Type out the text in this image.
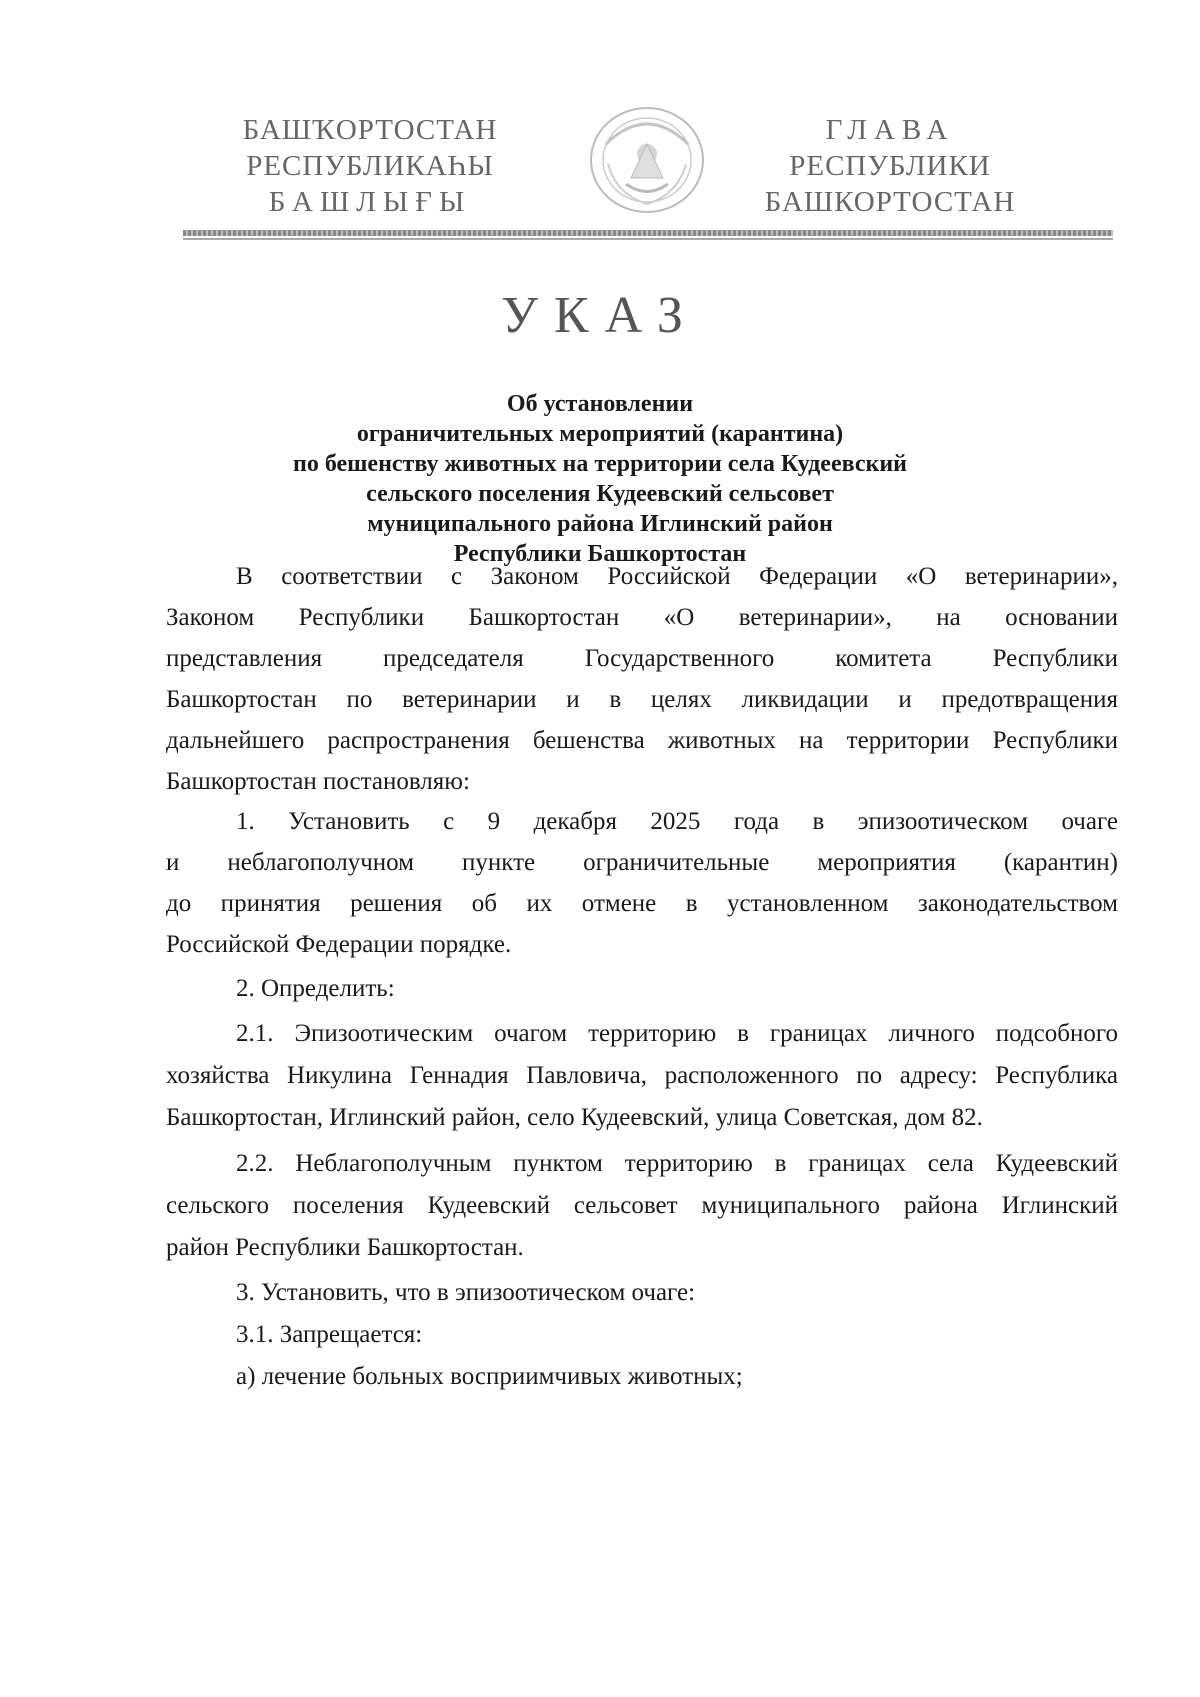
БАШҠОРТОСТАН
РЕСПУБЛИКАҺЫ
БАШЛЫҒЫ
ГЛАВА
РЕСПУБЛИКИ
БАШКОРТОСТАН
УКАЗ
Об установлении
ограничительных мероприятий (карантина)
по бешенству животных на территории села Кудеевский
сельского поселения Кудеевский сельсовет
муниципального района Иглинский район
Республики Башкортостан
В соответствии с Законом Российской Федерации «О ветеринарии»,
Законом Республики Башкортостан «О ветеринарии», на основании
представления председателя Государственного комитета Республики
Башкортостан по ветеринарии и в целях ликвидации и предотвращения
дальнейшего распространения бешенства животных на территории Республики
Башкортостан постановляю:
1. Установить с 9 декабря 2025 года в эпизоотическом очаге
и неблагополучном пункте ограничительные мероприятия (карантин)
до принятия решения об их отмене в установленном законодательством
Российской Федерации порядке.
2. Определить:
2.1. Эпизоотическим очагом территорию в границах личного подсобного
хозяйства Никулина Геннадия Павловича, расположенного по адресу: Республика
Башкортостан, Иглинский район, село Кудеевский, улица Советская, дом 82.
2.2. Неблагополучным пунктом территорию в границах села Кудеевский
сельского поселения Кудеевский сельсовет муниципального района Иглинский
район Республики Башкортостан.
3. Установить, что в эпизоотическом очаге:
3.1. Запрещается:
а) лечение больных восприимчивых животных;
